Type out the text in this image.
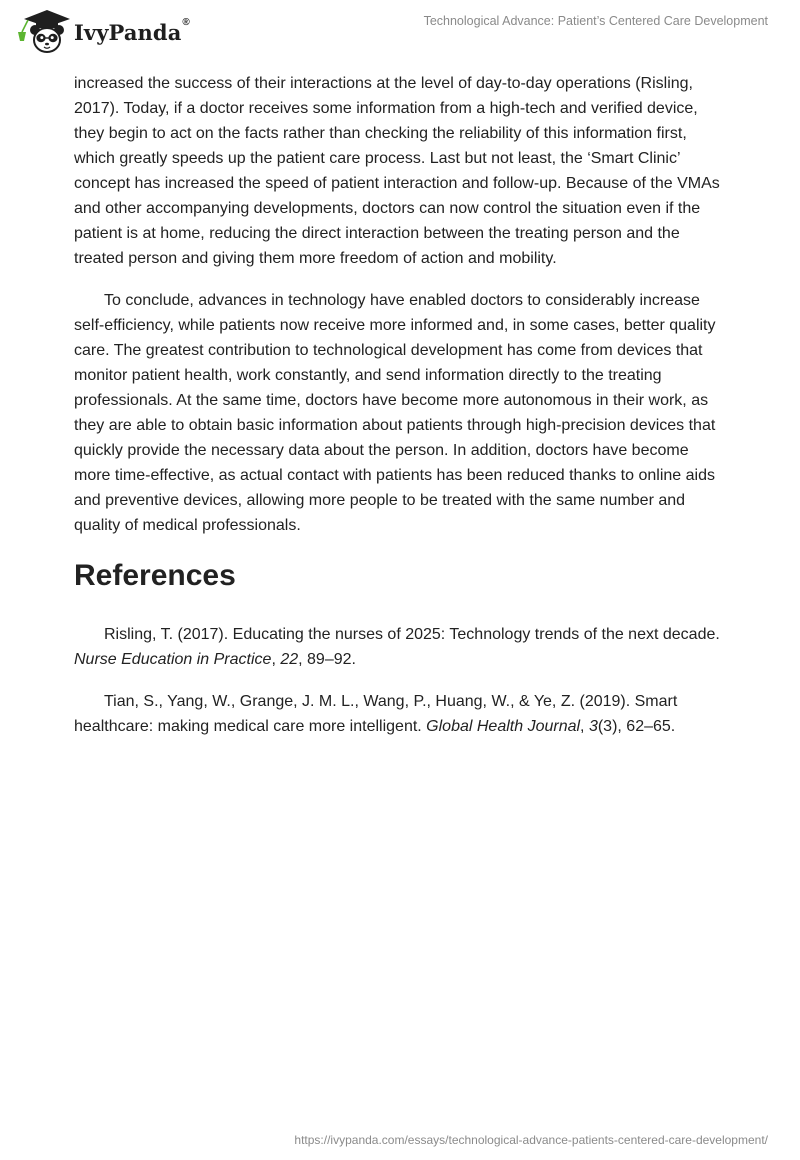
IvyPanda®	Technological Advance: Patient’s Centered Care Development

increased the success of their interactions at the level of day-to-day operations (Risling, 2017). Today, if a doctor receives some information from a high-tech and verified device, they begin to act on the facts rather than checking the reliability of this information first, which greatly speeds up the patient care process. Last but not least, the ‘Smart Clinic’ concept has increased the speed of patient interaction and follow-up. Because of the VMAs and other accompanying developments, doctors can now control the situation even if the patient is at home, reducing the direct interaction between the treating person and the treated person and giving them more freedom of action and mobility.

To conclude, advances in technology have enabled doctors to considerably increase self-efficiency, while patients now receive more informed and, in some cases, better quality care. The greatest contribution to technological development has come from devices that monitor patient health, work constantly, and send information directly to the treating professionals. At the same time, doctors have become more autonomous in their work, as they are able to obtain basic information about patients through high-precision devices that quickly provide the necessary data about the person. In addition, doctors have become more time-effective, as actual contact with patients has been reduced thanks to online aids and preventive devices, allowing more people to be treated with the same number and quality of medical professionals.

References

Risling, T. (2017). Educating the nurses of 2025: Technology trends of the next decade. Nurse Education in Practice, 22, 89–92.

Tian, S., Yang, W., Grange, J. M. L., Wang, P., Huang, W., & Ye, Z. (2019). Smart healthcare: making medical care more intelligent. Global Health Journal, 3(3), 62–65.

https://ivypanda.com/essays/technological-advance-patients-centered-care-development/
